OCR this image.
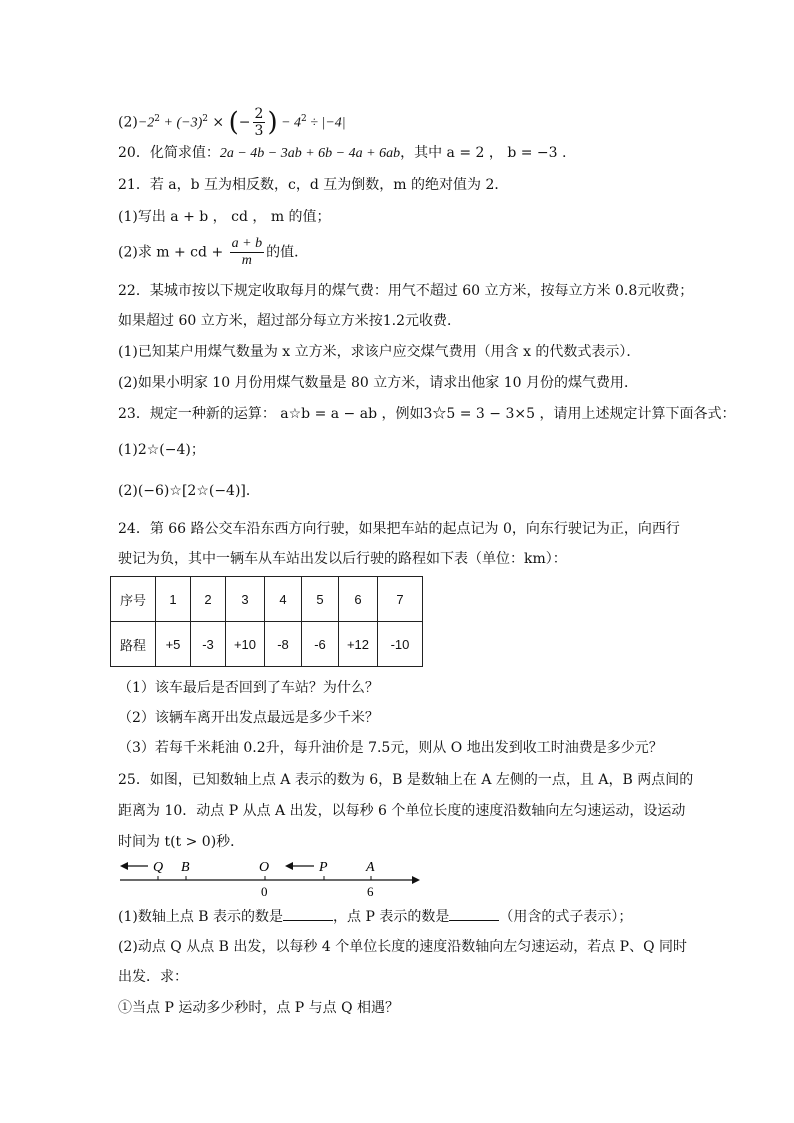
$(2)-2^2 + (-3)^2$ × (− $\frac{2}{3}$ ) − $4^2 \div |-4|$
20．化简求值：2a − 4b − 3ab + 6b − 4a + 6ab，其中 a = 2 ， b = −3 .
21．若 a，b 互为相反数，c，d 互为倒数，m 的绝对值为 2．
(1)写出 a + b ， cd ， m 的值；
(2)求 m + cd + $\frac{a + b}{m}$ 的值．
22．某城市按以下规定收取每月的煤气费：用气不超过 60 立方米，按每立方米 0.8元收费；
如果超过 60 立方米，超过部分每立方米按1.2元收费．
(1)已知某户用煤气数量为 x 立方米，求该户应交煤气费用（用含 x 的代数式表示）．
(2)如果小明家 10 月份用煤气数量是 80 立方米，请求出他家 10 月份的煤气费用．
23．规定一种新的运算： a☆b = a − ab ，例如3☆5 = 3 − 3×5 ，请用上述规定计算下面各式：
(1)2☆(−4)；
(2)(−6)☆[2☆(−4)]．
24．第 66 路公交车沿东西方向行驶，如果把车站的起点记为 0，向东行驶记为正，向西行
驶记为负，其中一辆车从车站出发以后行驶的路程如下表（单位：km）：
序号	1	2	3	4	5	6	7
路程	+5	-3	+10	-8	-6	+12	-10
（1）该车最后是否回到了车站？为什么？
（2）该辆车离开出发点最远是多少千米？
（3）若每千米耗油 0.2升，每升油价是 7.5元，则从 O 地出发到收工时油费是多少元？
25．如图，已知数轴上点 A 表示的数为 6，B 是数轴上在 A 左侧的一点，且 A，B 两点间的
距离为 10．动点 P 从点 A 出发，以每秒 6 个单位长度的速度沿数轴向左匀速运动，设运动
时间为 t(t > 0)秒．
Q B	O	P	A
0	6
(1)数轴上点 B 表示的数是	，点 P 表示的数是	（用含的式子表示）；
(2)动点 Q 从点 B 出发，以每秒 4 个单位长度的速度沿数轴向左匀速运动，若点 P、Q 同时
出发．求：
①当点 P 运动多少秒时，点 P 与点 Q 相遇？
